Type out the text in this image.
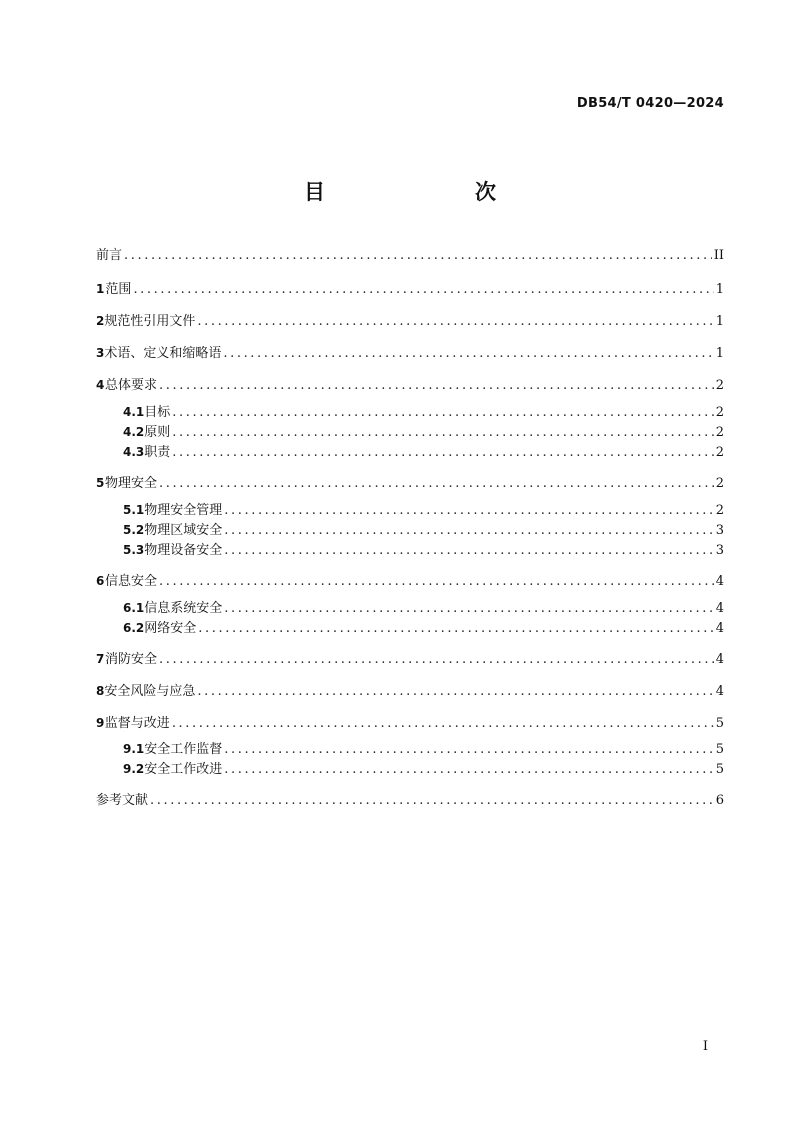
DB54/T 0420—2024
目　　次
前言 .....	II
1 范围 .....	1
2 规范性引用文件 .....	1
3 术语、定义和缩略语 .....	1
4 总体要求 .....	2
4.1 目标 .....	2
4.2 原则 .....	2
4.3 职责 .....	2
5 物理安全 .....	2
5.1 物理安全管理 .....	2
5.2 物理区域安全 .....	3
5.3 物理设备安全 .....	3
6 信息安全 .....	4
6.1 信息系统安全 .....	4
6.2 网络安全 .....	4
7 消防安全 .....	4
8 安全风险与应急 .....	4
9 监督与改进 .....	5
9.1 安全工作监督 .....	5
9.2 安全工作改进 .....	5
参考文献 .....	6
I
